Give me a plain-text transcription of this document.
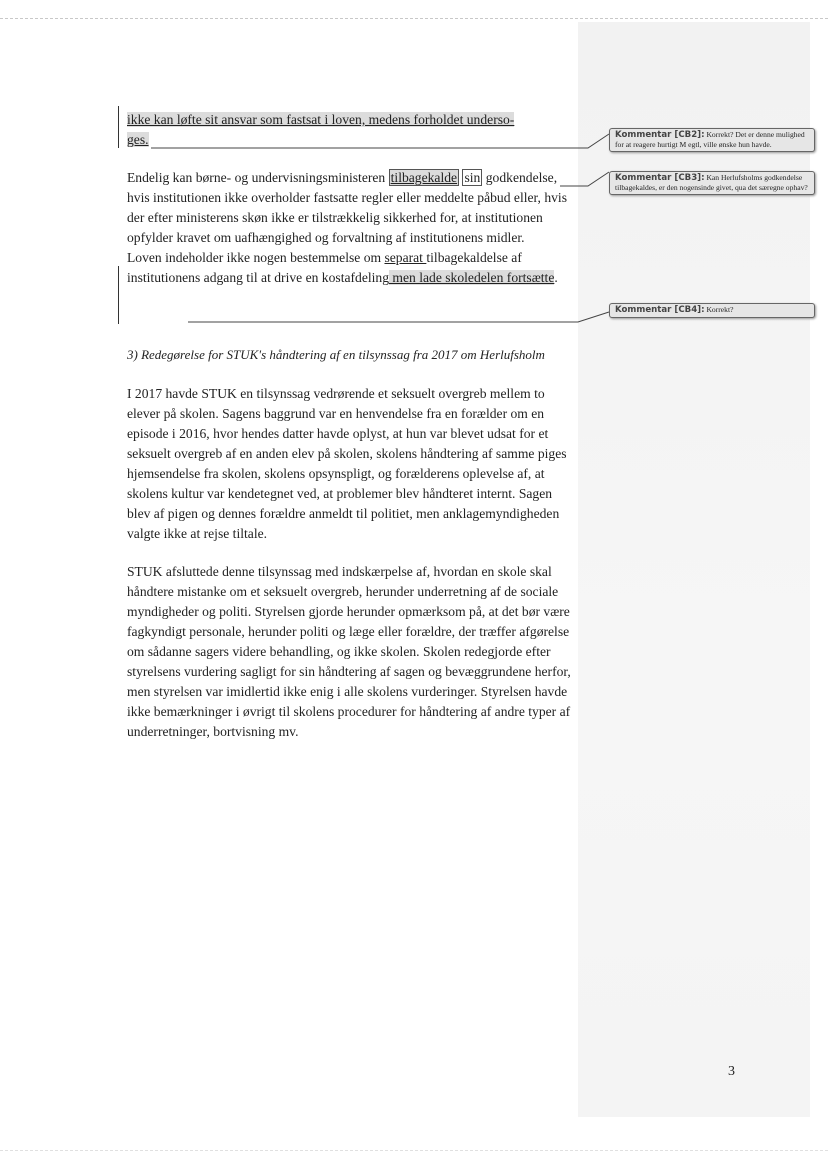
ikke kan løfte sit ansvar som fastsat i loven, medens forholdet underso-
ges.

Endelig kan børne- og undervisningsministeren tilbagekalde sin godkendelse, hvis institutionen ikke overholder fastsatte regler eller meddelte påbud eller, hvis der efter ministerens skøn ikke er tilstrækkelig sikkerhed for, at institutionen opfylder kravet om uafhængighed og forvaltning af institutionens midler.

Loven indeholder ikke nogen bestemmelse om separat tilbagekaldelse af institutionens adgang til at drive en kostafdeling men lade skoledelen fortsætte.

Kommentar [CB2]: Korrekt? Det er denne mulighed for at reagere hurtigt M egtl, ville ønske hun havde.
Kommentar [CB3]: Kan Herlufsholms godkendelse tilbagekaldes, er den nogensinde givet, qua det særegne ophav?
Kommentar [CB4]: Korrekt?
3) Redegørelse for STUK's håndtering af en tilsynssag fra 2017 om Herlufsholm

I 2017 havde STUK en tilsynssag vedrørende et seksuelt overgreb mellem to elever på skolen. Sagens baggrund var en henvendelse fra en forælder om en episode i 2016, hvor hendes datter havde oplyst, at hun var blevet udsat for et seksuelt overgreb af en anden elev på skolen, skolens håndtering af samme piges hjemsendelse fra skolen, skolens opsynspligt, og forælderens oplevelse af, at skolens kultur var kendetegnet ved, at problemer blev håndteret internt. Sagen blev af pigen og dennes forældre anmeldt til politiet, men anklagemyndigheden valgte ikke at rejse tiltale.

STUK afsluttede denne tilsynssag med indskærpelse af, hvordan en skole skal håndtere mistanke om et seksuelt overgreb, herunder underretning af de sociale myndigheder og politi. Styrelsen gjorde herunder opmærksom på, at det bør være fagkyndigt personale, herunder politi og læge eller forældre, der træffer afgørelse om sådanne sagers videre behandling, og ikke skolen. Skolen redegjorde efter styrelsens vurdering sagligt for sin håndtering af sagen og bevæggrundene herfor, men styrelsen var imidlertid ikke enig i alle skolens vurderinger. Styrelsen havde ikke bemærkninger i øvrigt til skolens procedurer for håndtering af andre typer af underretninger, bortvisning mv.

3
